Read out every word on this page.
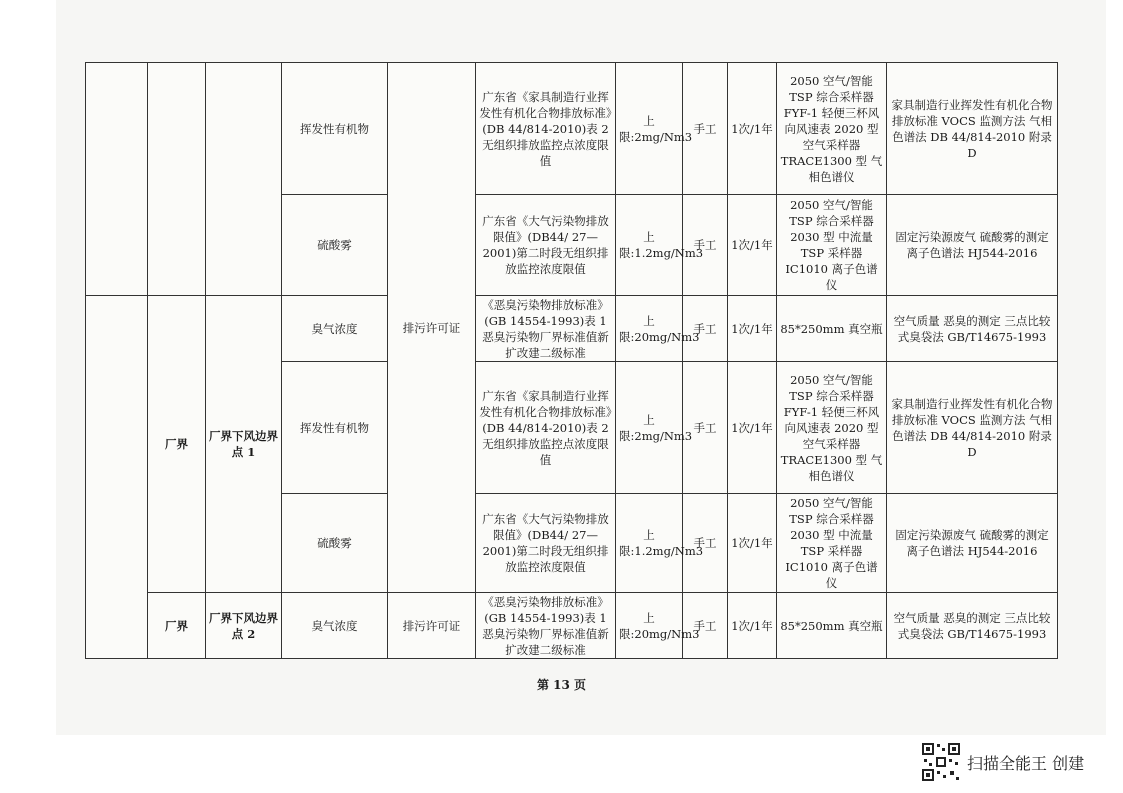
			挥发性有机物	排污许可证	广东省《家具制造行业挥发性有机化合物排放标准》(DB 44/814-2010)表 2 无组织排放监控点浓度限值	上限:2mg/Nm3	手工	1次/1年	2050 空气/智能TSP 综合采样器 FYF-1 轻便三杯风向风速表 2020 型 空气采样器 TRACE1300 型 气相色谱仪	家具制造行业挥发性有机化合物排放标准 VOCS 监测方法 气相色谱法 DB 44/814-2010 附录 D
			硫酸雾		广东省《大气污染物排放限值》(DB44/ 27—2001)第二时段无组织排放监控浓度限值	上限:1.2mg/Nm3	手工	1次/1年	2050 空气/智能TSP 综合采样器 2030 型 中流量 TSP 采样器 IC1010 离子色谱仪	固定污染源废气 硫酸雾的测定 离子色谱法 HJ544-2016
	厂界	厂界下风边界点 1	臭气浓度		《恶臭污染物排放标准》(GB 14554-1993)表 1 恶臭污染物厂界标准值新扩改建二级标准	上限:20mg/Nm3	手工	1次/1年	85*250mm 真空瓶	空气质量 恶臭的测定 三点比较式臭袋法 GB/T14675-1993
			挥发性有机物		广东省《家具制造行业挥发性有机化合物排放标准》(DB 44/814-2010)表 2 无组织排放监控点浓度限值	上限:2mg/Nm3	手工	1次/1年	2050 空气/智能TSP 综合采样器 FYF-1 轻便三杯风向风速表 2020 型 空气采样器 TRACE1300 型 气相色谱仪	家具制造行业挥发性有机化合物排放标准 VOCS 监测方法 气相色谱法 DB 44/814-2010 附录 D
			硫酸雾		广东省《大气污染物排放限值》(DB44/ 27—2001)第二时段无组织排放监控浓度限值	上限:1.2mg/Nm3	手工	1次/1年	2050 空气/智能TSP 综合采样器 2030 型 中流量 TSP 采样器 IC1010 离子色谱仪	固定污染源废气 硫酸雾的测定 离子色谱法 HJ544-2016
	厂界	厂界下风边界点 2	臭气浓度	排污许可证	《恶臭污染物排放标准》(GB 14554-1993)表 1 恶臭污染物厂界标准值新扩改建二级标准	上限:20mg/Nm3	手工	1次/1年	85*250mm 真空瓶	空气质量 恶臭的测定 三点比较式臭袋法 GB/T14675-1993
第 13 页
扫描全能王 创建
